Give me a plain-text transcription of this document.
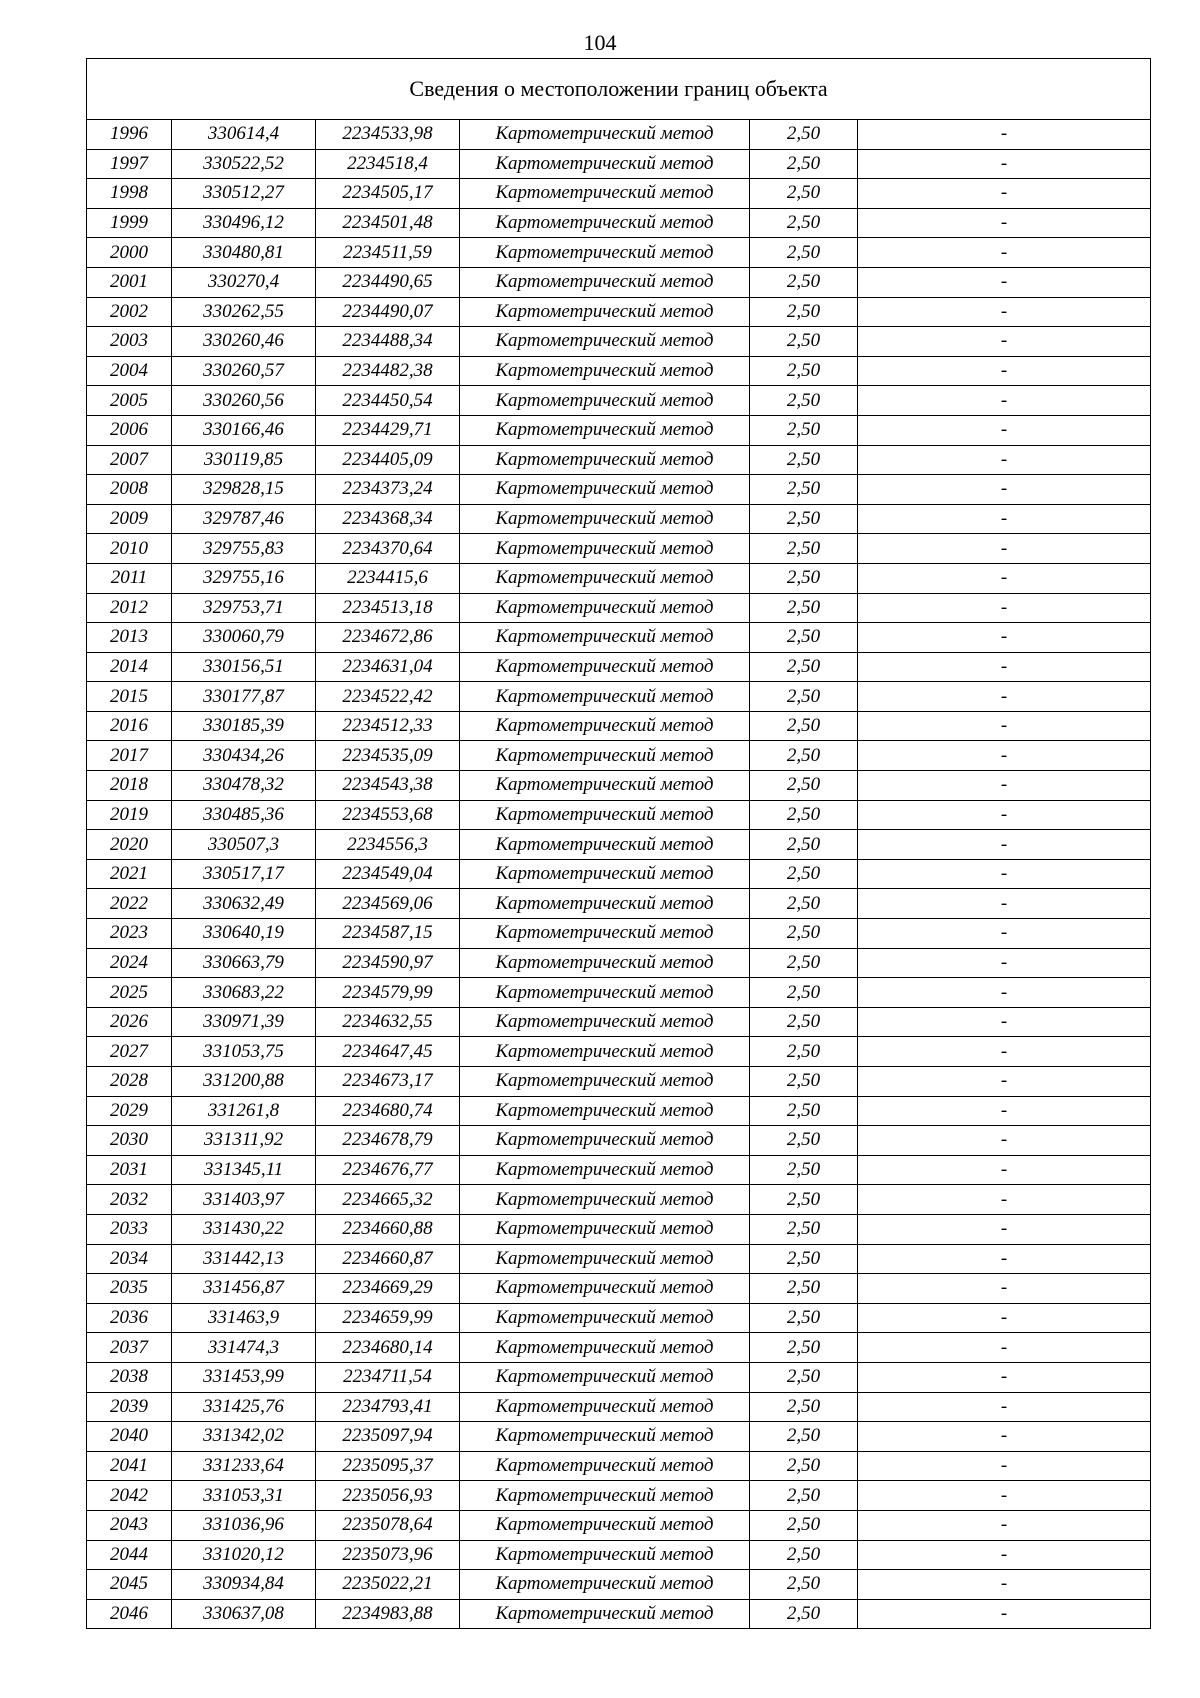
104
Сведения о местоположении границ объекта					
1996	330614,4	2234533,98	Картометрический метод	2,50	-
1997	330522,52	2234518,4	Картометрический метод	2,50	-
1998	330512,27	2234505,17	Картометрический метод	2,50	-
1999	330496,12	2234501,48	Картометрический метод	2,50	-
2000	330480,81	2234511,59	Картометрический метод	2,50	-
2001	330270,4	2234490,65	Картометрический метод	2,50	-
2002	330262,55	2234490,07	Картометрический метод	2,50	-
2003	330260,46	2234488,34	Картометрический метод	2,50	-
2004	330260,57	2234482,38	Картометрический метод	2,50	-
2005	330260,56	2234450,54	Картометрический метод	2,50	-
2006	330166,46	2234429,71	Картометрический метод	2,50	-
2007	330119,85	2234405,09	Картометрический метод	2,50	-
2008	329828,15	2234373,24	Картометрический метод	2,50	-
2009	329787,46	2234368,34	Картометрический метод	2,50	-
2010	329755,83	2234370,64	Картометрический метод	2,50	-
2011	329755,16	2234415,6	Картометрический метод	2,50	-
2012	329753,71	2234513,18	Картометрический метод	2,50	-
2013	330060,79	2234672,86	Картометрический метод	2,50	-
2014	330156,51	2234631,04	Картометрический метод	2,50	-
2015	330177,87	2234522,42	Картометрический метод	2,50	-
2016	330185,39	2234512,33	Картометрический метод	2,50	-
2017	330434,26	2234535,09	Картометрический метод	2,50	-
2018	330478,32	2234543,38	Картометрический метод	2,50	-
2019	330485,36	2234553,68	Картометрический метод	2,50	-
2020	330507,3	2234556,3	Картометрический метод	2,50	-
2021	330517,17	2234549,04	Картометрический метод	2,50	-
2022	330632,49	2234569,06	Картометрический метод	2,50	-
2023	330640,19	2234587,15	Картометрический метод	2,50	-
2024	330663,79	2234590,97	Картометрический метод	2,50	-
2025	330683,22	2234579,99	Картометрический метод	2,50	-
2026	330971,39	2234632,55	Картометрический метод	2,50	-
2027	331053,75	2234647,45	Картометрический метод	2,50	-
2028	331200,88	2234673,17	Картометрический метод	2,50	-
2029	331261,8	2234680,74	Картометрический метод	2,50	-
2030	331311,92	2234678,79	Картометрический метод	2,50	-
2031	331345,11	2234676,77	Картометрический метод	2,50	-
2032	331403,97	2234665,32	Картометрический метод	2,50	-
2033	331430,22	2234660,88	Картометрический метод	2,50	-
2034	331442,13	2234660,87	Картометрический метод	2,50	-
2035	331456,87	2234669,29	Картометрический метод	2,50	-
2036	331463,9	2234659,99	Картометрический метод	2,50	-
2037	331474,3	2234680,14	Картометрический метод	2,50	-
2038	331453,99	2234711,54	Картометрический метод	2,50	-
2039	331425,76	2234793,41	Картометрический метод	2,50	-
2040	331342,02	2235097,94	Картометрический метод	2,50	-
2041	331233,64	2235095,37	Картометрический метод	2,50	-
2042	331053,31	2235056,93	Картометрический метод	2,50	-
2043	331036,96	2235078,64	Картометрический метод	2,50	-
2044	331020,12	2235073,96	Картометрический метод	2,50	-
2045	330934,84	2235022,21	Картометрический метод	2,50	-
2046	330637,08	2234983,88	Картометрический метод	2,50	-
